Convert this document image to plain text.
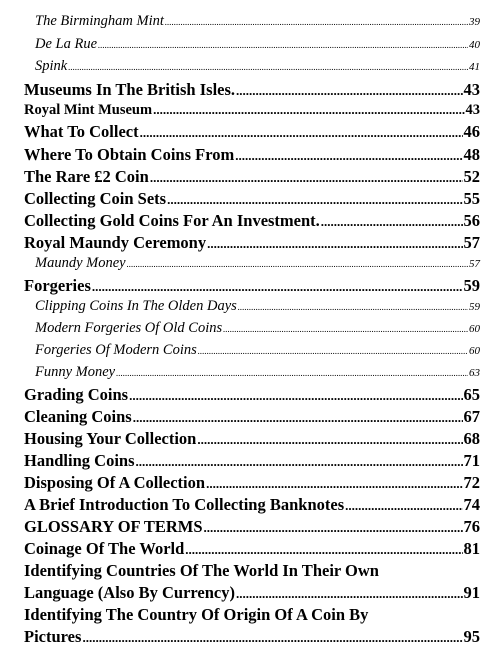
The Birmingham Mint .....	39
De La Rue .....	40
Spink .....	41
Museums In The British Isles. .....	43
Royal Mint Museum .....	43
What To Collect .....	46
Where To Obtain Coins From .....	48
The Rare £2 Coin .....	52
Collecting Coin Sets .....	55
Collecting Gold Coins For An Investment. .....	56
Royal Maundy Ceremony .....	57
Maundy Money .....	57
Forgeries .....	59
Clipping Coins In The Olden Days .....	59
Modern Forgeries Of Old Coins .....	60
Forgeries Of Modern Coins .....	60
Funny Money .....	63
Grading Coins .....	65
Cleaning Coins .....	67
Housing Your Collection .....	68
Handling Coins .....	71
Disposing Of A Collection .....	72
A Brief Introduction To Collecting Banknotes .....	74
GLOSSARY OF TERMS .....	76
Coinage Of The World .....	81
Identifying Countries Of The World In Their Own
Language (Also By Currency) .....	91
Identifying The Country Of Origin Of A Coin By
Pictures .....	95
